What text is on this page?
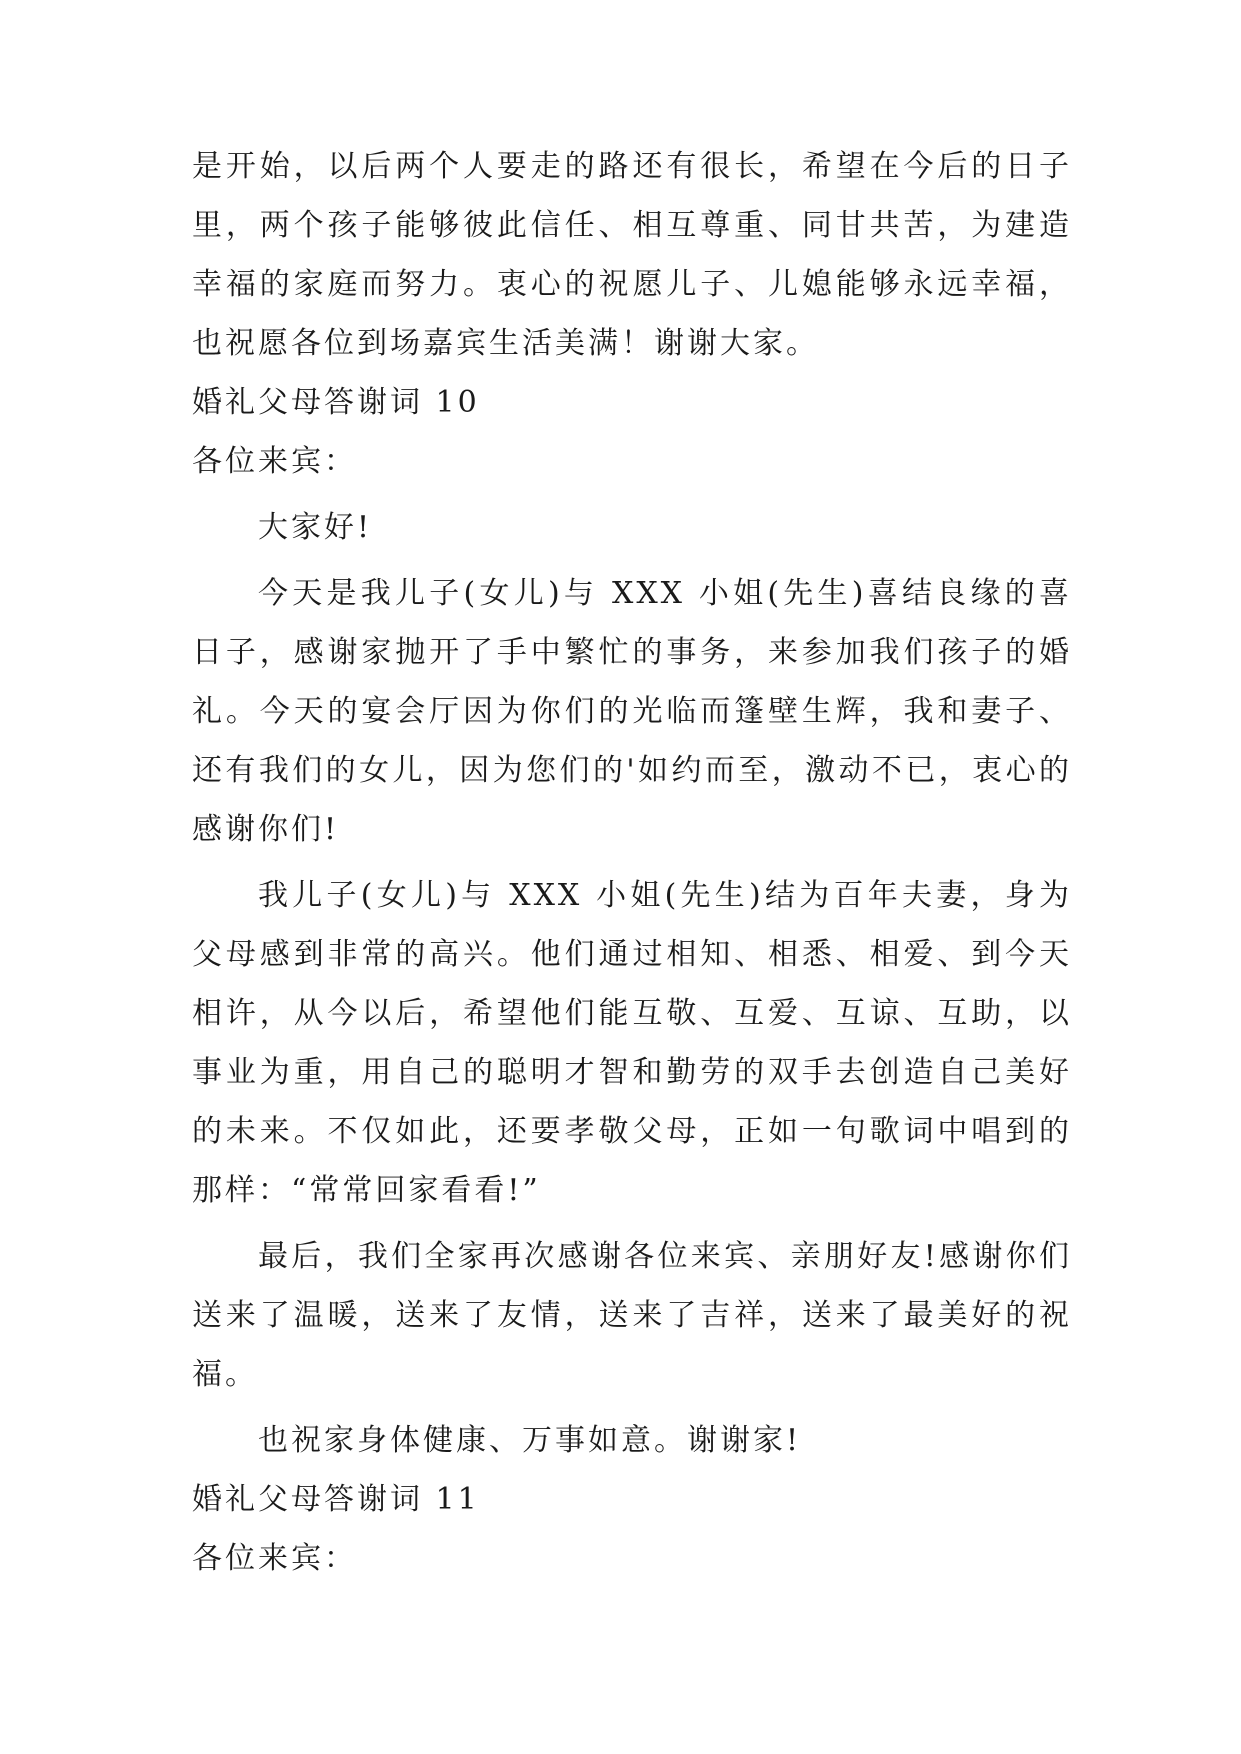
是开始，以后两个人要走的路还有很长，希望在今后的日子里，两个孩子能够彼此信任、相互尊重、同甘共苦，为建造幸福的家庭而努力。衷心的祝愿儿子、儿媳能够永远幸福，也祝愿各位到场嘉宾生活美满！谢谢大家。

婚礼父母答谢词 10

各位来宾：

大家好!

今天是我儿子(女儿)与 XXX 小姐(先生)喜结良缘的喜日子，感谢家抛开了手中繁忙的事务，来参加我们孩子的婚礼。今天的宴会厅因为你们的光临而篷壁生辉，我和妻子、还有我们的女儿，因为您们的'如约而至，激动不已，衷心的感谢你们!

我儿子(女儿)与 XXX 小姐(先生)结为百年夫妻，身为父母感到非常的高兴。他们通过相知、相悉、相爱、到今天相许，从今以后，希望他们能互敬、互爱、互谅、互助，以事业为重，用自己的聪明才智和勤劳的双手去创造自己美好的未来。不仅如此，还要孝敬父母，正如一句歌词中唱到的那样：“常常回家看看!”

最后，我们全家再次感谢各位来宾、亲朋好友!感谢你们送来了温暖，送来了友情，送来了吉祥，送来了最美好的祝福。

也祝家身体健康、万事如意。谢谢家!

婚礼父母答谢词 11

各位来宾：
